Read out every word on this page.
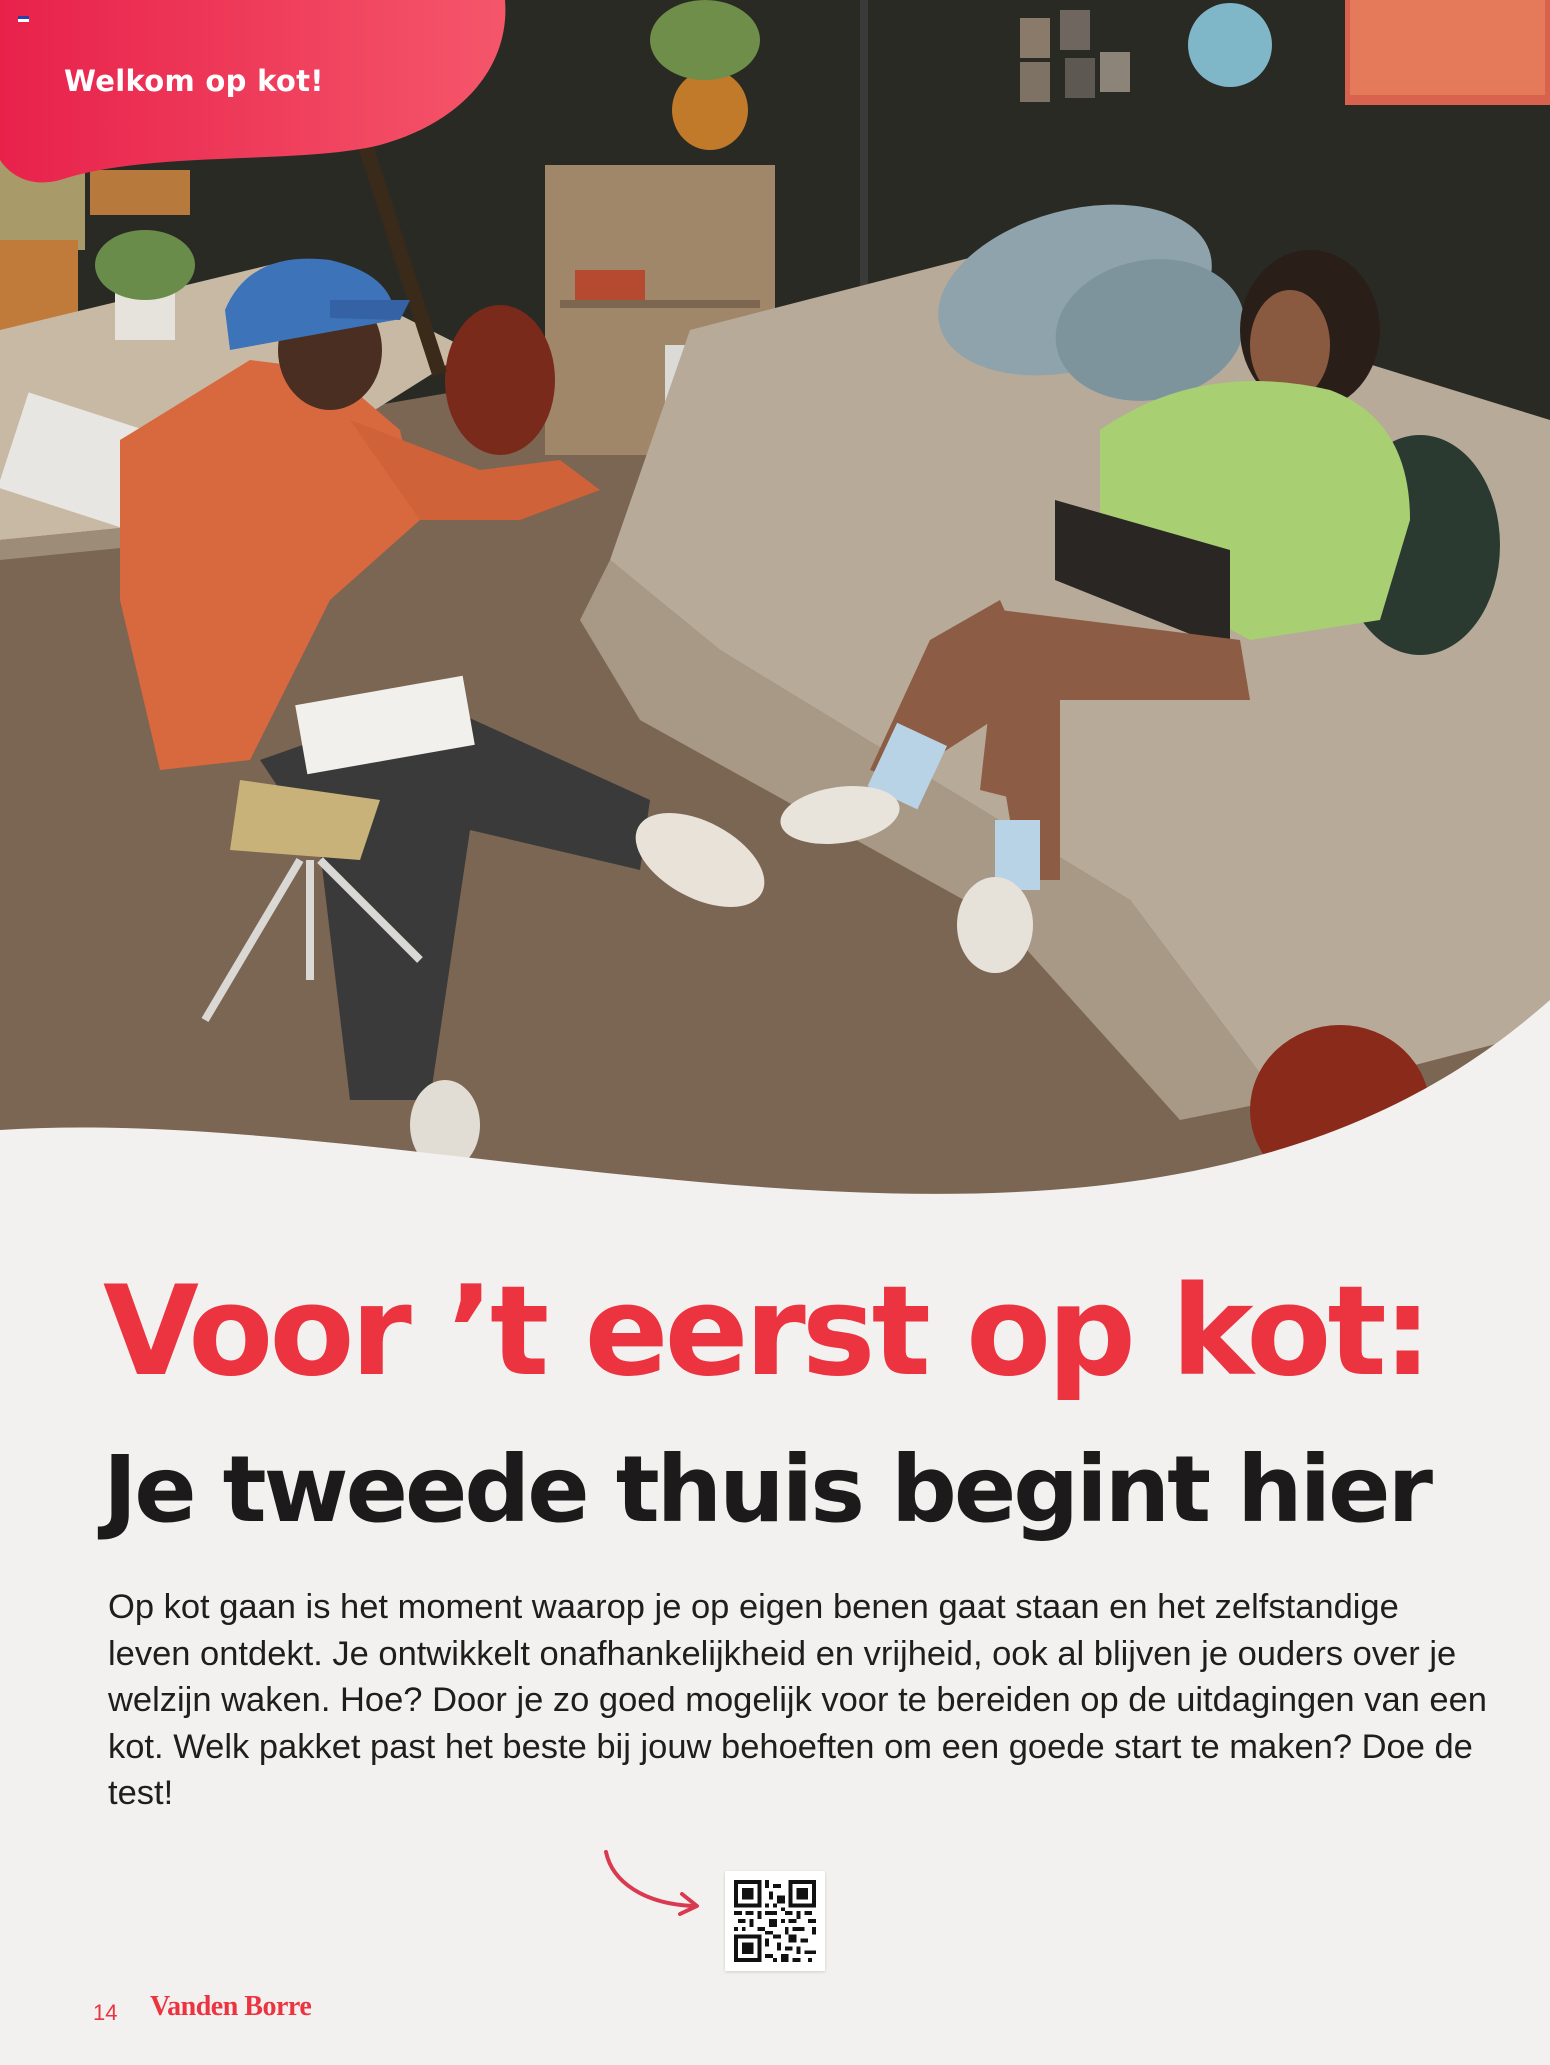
Welkom op kot!
Voor ’t eerst op kot:
Je tweede thuis begint hier

Op kot gaan is het moment waarop je op eigen benen gaat staan en het zelfstandige leven ontdekt. Je ontwikkelt onafhankelijkheid en vrijheid, ook al blijven je ouders over je welzijn waken. Hoe? Door je zo goed mogelijk voor te bereiden op de uitdagingen van een kot. Welk pakket past het beste bij jouw behoeften om een goede start te maken? Doe de test!

14 Vanden Borre
